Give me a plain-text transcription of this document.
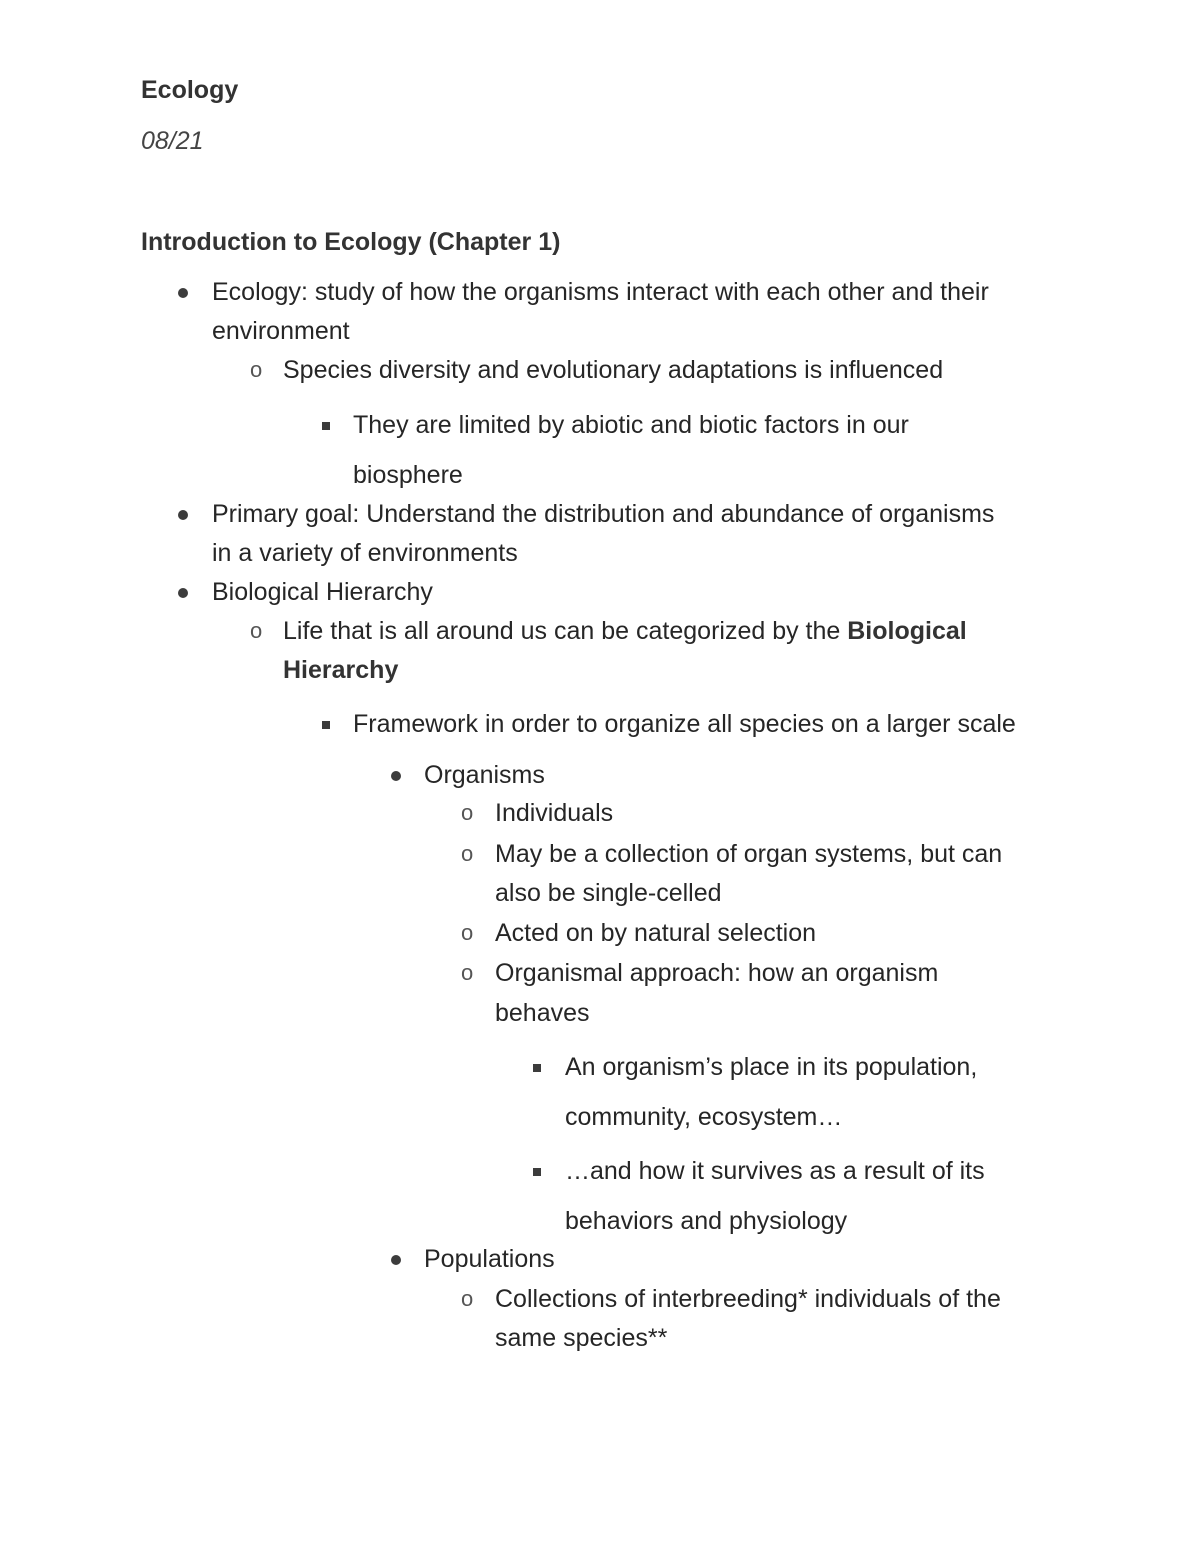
Ecology

08/21

Introduction to Ecology (Chapter 1)

Ecology: study of how the organisms interact with each other and their

environment

o Species diversity and evolutionary adaptations is influenced

They are limited by abiotic and biotic factors in our

biosphere

Primary goal: Understand the distribution and abundance of organisms

in a variety of environments

Biological Hierarchy

o Life that is all around us can be categorized by the Biological

Hierarchy

Framework in order to organize all species on a larger scale

Organisms

o Individuals

o May be a collection of organ systems, but can

also be single-celled

o Acted on by natural selection

o Organismal approach: how an organism

behaves

An organism’s place in its population,

community, ecosystem…

…and how it survives as a result of its

behaviors and physiology

Populations

o Collections of interbreeding* individuals of the

same species**
